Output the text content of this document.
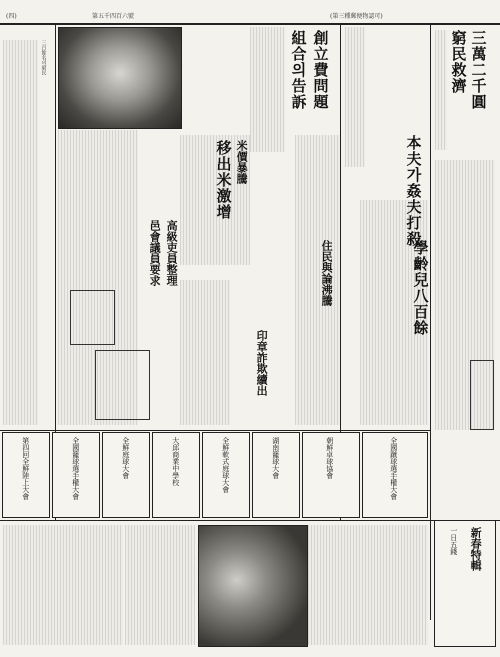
(四)	第五千四百六號	(第三種郵便物認可)
三百餘名의窮民	三萬二千圓
窮民救濟
創立費問題
組合의告訴
米價暴騰
移出米激增
高級吏員整理
邑會議員要求
本夫가姦夫打殺
住民與論沸騰	學齡兒八百餘
印章詐欺續出
第四回全鮮陸上大會	全國籠球選手權大會	全鮮庭球大會	大邱商業中學校	全鮮軟式庭球大會	湖南籠球大會	朝鮮卓球協會	全國蹴球選手權大會
新春特輯
一日五錢
